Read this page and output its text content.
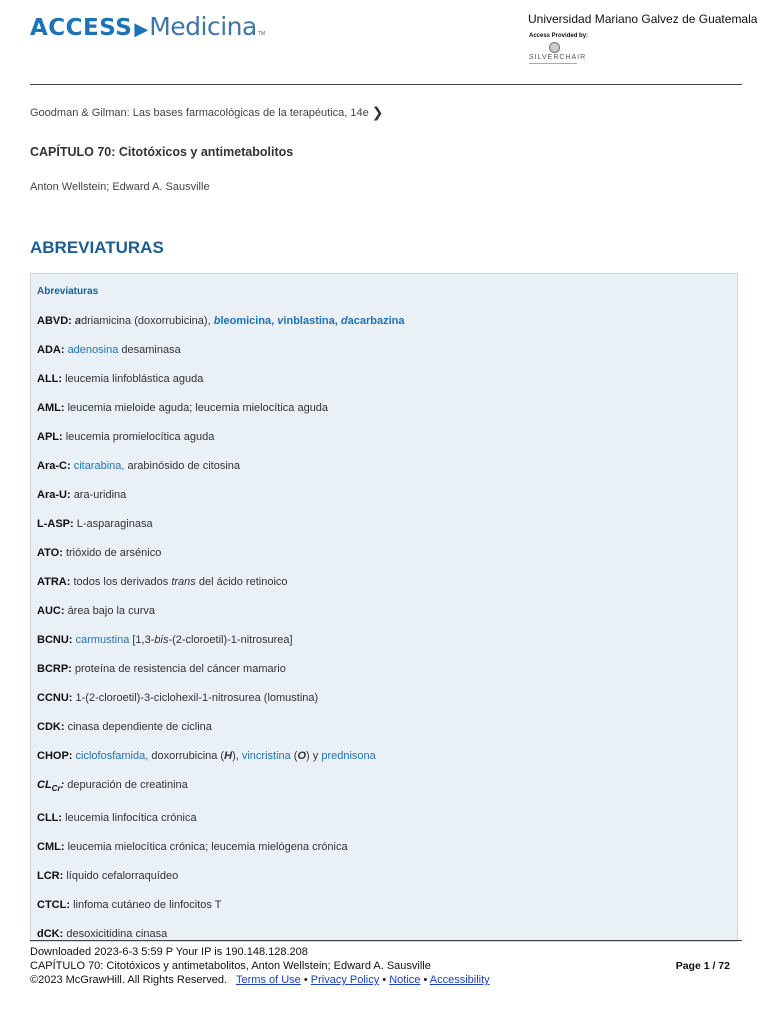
ACCESS ▶ Medicina TM
Universidad Mariano Galvez de Guatemala
Access Provided by:
SILVERCHAIR
Goodman & Gilman: Las bases farmacológicas de la terapéutica, 14e ❯
CAPÍTULO 70: Citotóxicos y antimetabolitos
Anton Wellstein; Edward A. Sausville
ABREVIATURAS
Abreviaturas
ABVD: adriamicina (doxorrubicina), bleomicina, vinblastina, dacarbazina
ADA: adenosina desaminasa
ALL: leucemia linfoblástica aguda
AML: leucemia mieloide aguda; leucemia mielocítica aguda
APL: leucemia promielocítica aguda
Ara-C: citarabina, arabinósido de citosina
Ara-U: ara-uridina
L-ASP: L-asparaginasa
ATO: trióxido de arsénico
ATRA: todos los derivados trans del ácido retinoico
AUC: área bajo la curva
BCNU: carmustina [1,3-bis-(2-cloroetil)-1-nitrosurea]
BCRP: proteína de resistencia del cáncer mamario
CCNU: 1-(2-cloroetil)-3-ciclohexil-1-nitrosurea (lomustina)
CDK: cinasa dependiente de ciclina
CHOP: ciclofosfamida, doxorrubicina (H), vincristina (O) y prednisona
$CL_{Cr}$: depuración de creatinina
CLL: leucemia linfocítica crónica
CML: leucemia mielocítica crónica; leucemia mielógena crónica
LCR: líquido cefalorraquídeo
CTCL: linfoma cutáneo de linfocitos T
dCK: desoxicitidina cinasa
Downloaded 2023-6-3 5:59 P Your IP is 190.148.128.208
CAPÍTULO 70: Citotóxicos y antimetabolitos, Anton Wellstein; Edward A. Sausville
©2023 McGrawHill. All Rights Reserved. Terms of Use • Privacy Policy • Notice • Accessibility
Page 1 / 72
